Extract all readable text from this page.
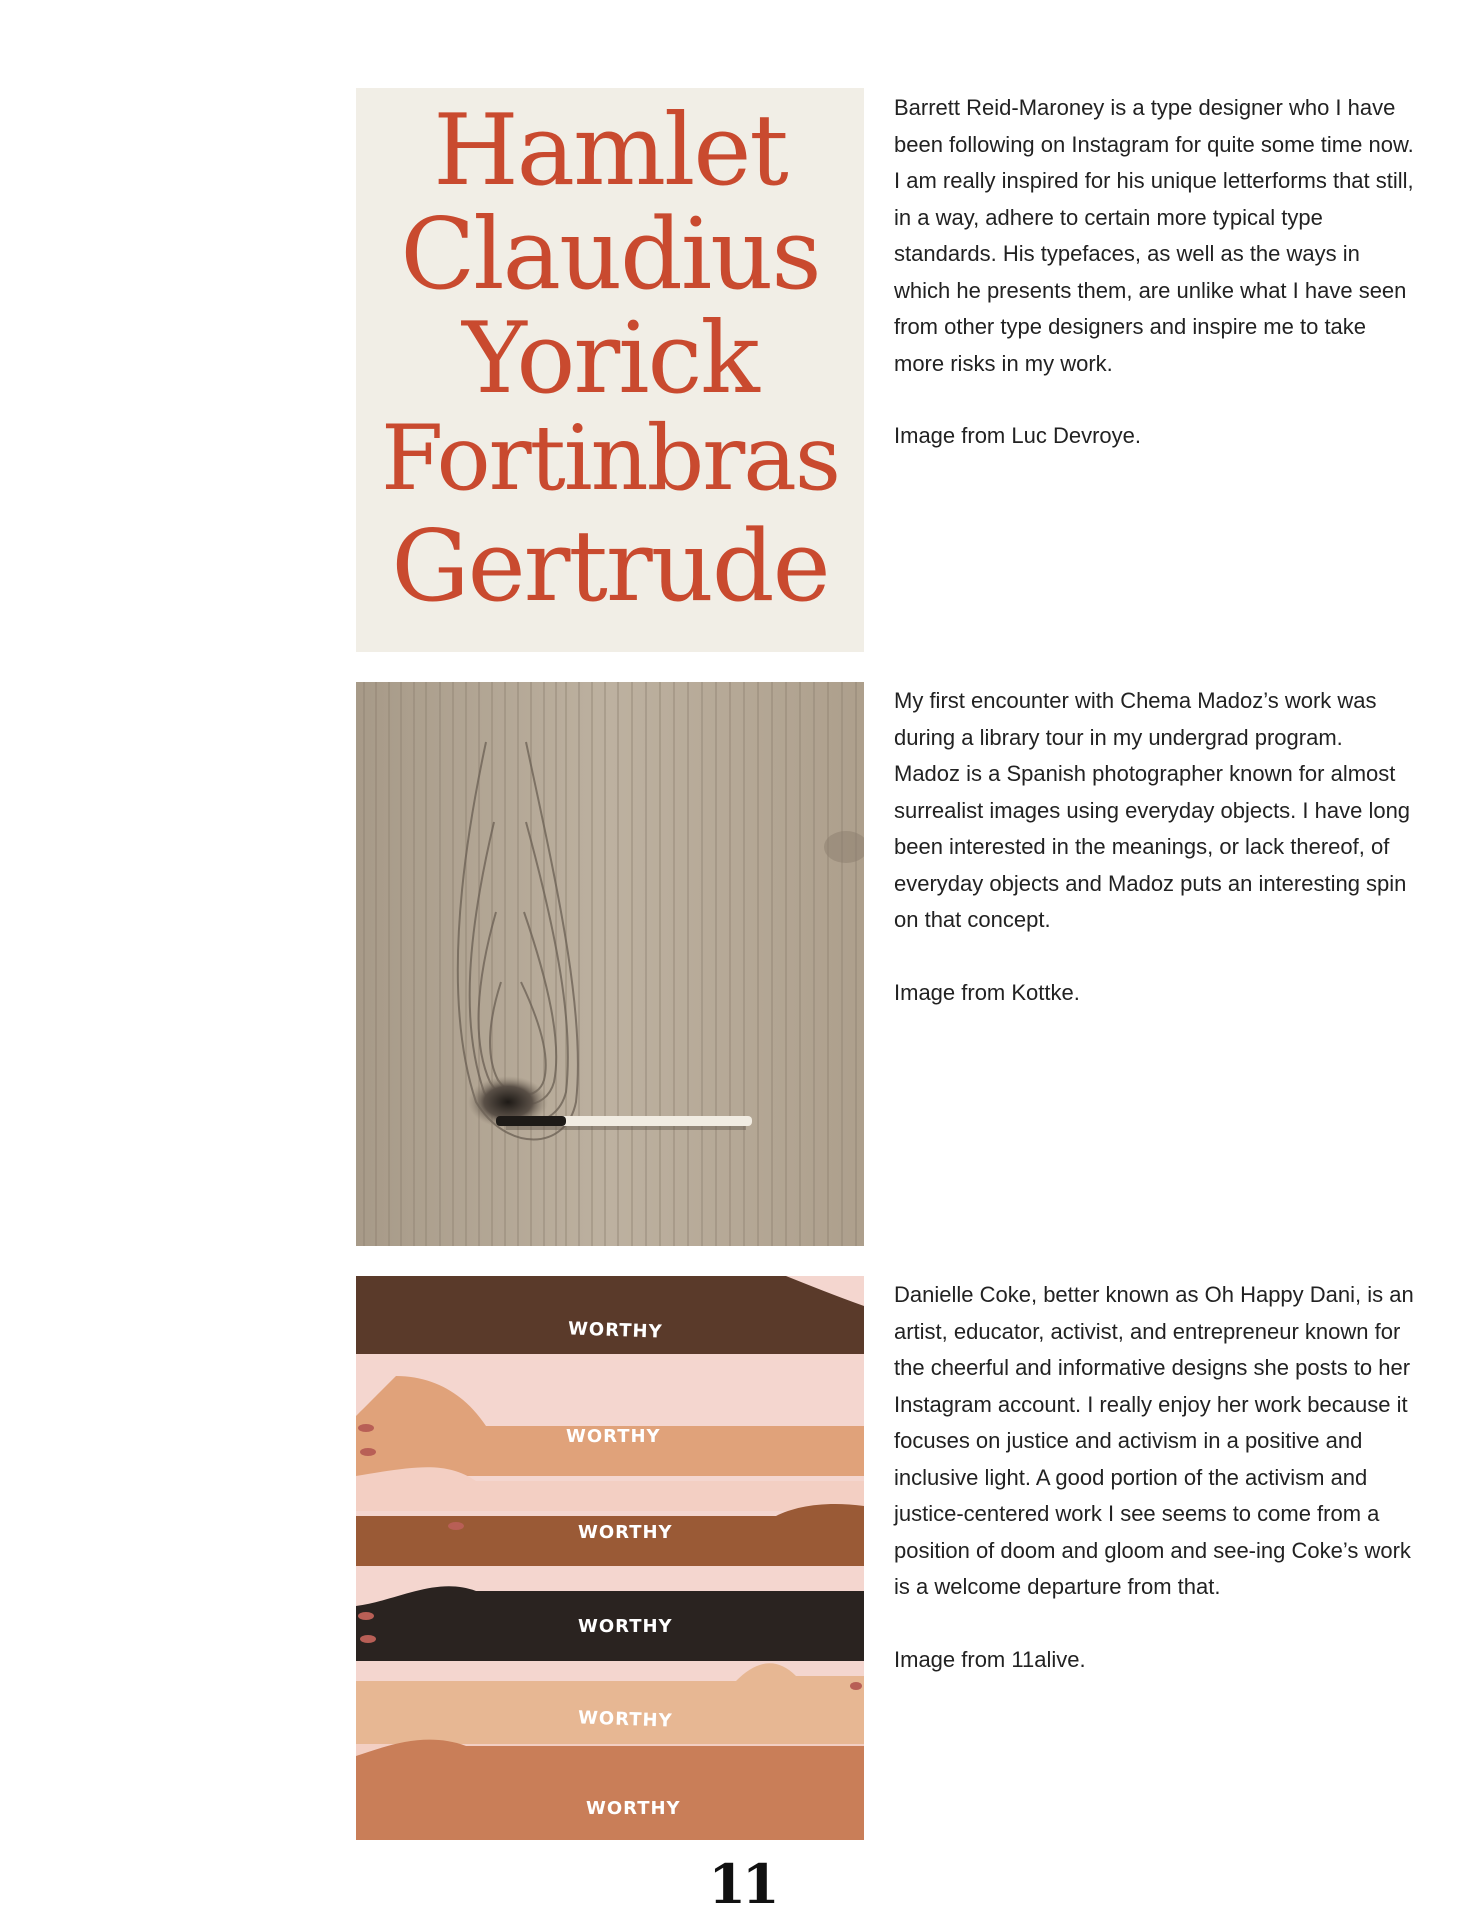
Hamlet
Claudius
Yorick
Fortinbras
Gertrude

Barrett Reid-Maroney is a type designer who I have been following on Instagram for quite some time now. I am really inspired for his unique letterforms that still, in a way, adhere to certain more typical type standards. His typefaces, as well as the ways in which he presents them, are unlike what I have seen from other type designers and inspire me to take more risks in my work.

Image from Luc Devroye.

My first encounter with Chema Madoz’s work was during a library tour in my undergrad program. Madoz is a Spanish photographer known for almost surrealist images using everyday objects. I have long been interested in the meanings, or lack thereof, of everyday objects and Madoz puts an interesting spin on that concept.

Image from Kottke.

WORTHY
WORTHY
WORTHY
WORTHY
WORTHY
WORTHY

Danielle Coke, better known as Oh Happy Dani, is an artist, educator, activist, and entrepreneur known for the cheerful and informative designs she posts to her Instagram account. I really enjoy her work because it focuses on justice and activism in a positive and inclusive light. A good portion of the activism and justice-centered work I see seems to come from a position of doom and gloom and see-ing Coke’s work is a welcome departure from that.

Image from 11alive.

11
